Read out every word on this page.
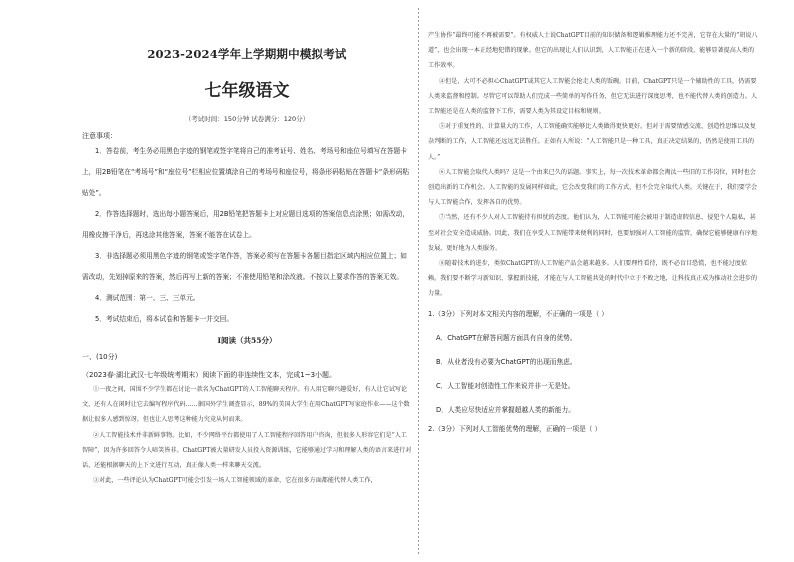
2023-2024学年上学期期中模拟考试

七年级语文

（考试时间：150分钟 试卷满分：120分）

注意事项：

1．答卷前，考生务必用黑色字迹的钢笔或签字笔将自己的准考证号、姓名、考场号和座位号填写在答题卡上，用2B铅笔在“考场号”和“座位号”栏相应位置填涂自己的考场号和座位号，将条形码粘贴在答题卡“条形码粘贴处”。

2．作答选择题时，选出每小题答案后，用2B铅笔把答题卡上对应题目选项的答案信息点涂黑；如需改动，用橡皮擦干净后，再选涂其他答案，答案不能答在试卷上。

3．非选择题必须用黑色字迹的钢笔或签字笔作答，答案必须写在答题卡各题目指定区域内相应位置上；如需改动，先划掉原来的答案，然后再写上新的答案；不准使用铅笔和涂改液。不按以上要求作答的答案无效。

4．测试范围：第一、三、三单元。

5．考试结束后，将本试卷和答题卡一并交回。

Ⅰ阅读（共55分）

一、(10分)

（2023春·湖北武汉·七年级统考期末）阅读下面的非连续性文本，完成1~3小题。

①一夜之间，国围不少学生都在讨论一款名为ChatGPT的人工智能聊天程序。有人用它聊兴趣爱好，有人让它试写论文，还有人在闲时让它去编写程序代码……据国外学生调查显示，89%的美国大学生在用ChatGPT写家庭作业——这个数据让很多人感到惊讶，但也让人思考这种能力究竟从何而来。

②人工智能技术并非新鲜事物。比如，不少网络平台都使用了人工智能程序回答用户咨询，但很多人形容它们是“人工智障”，因为许多回答令人啼笑皆非。ChatGPT被大量研发人员投入资源训练，它能够通过学习和理解人类的语言来进行对话，还能根据聊天的上下文进行互动，真正像人类一样来聊天交流。

③对此，一些评论认为ChatGPT可能会引发一场人工智能领域的革命，它在很多方面都能代替人类工作，

产生协作“最终可能不再被需要”。有权威人士说ChatGPT目前的知识储备和逻辑推理能力还不完善，它存在大量的“胡说八道”，也会出现一本正经地犯错的现象。但它的出现让人们认识到，人工智能正在进入一个新的阶段，能够显著提高人类的工作效率。

④但是，大可不必担心ChatGPT或其它人工智能会抢走人类的饭碗。目前，ChatGPT只是一个辅助性的工具，仍需要人类来监督和控制。尽管它可以帮助人们完成一些简单的写作任务，但它无法进行深度思考，也不能代替人类的创造力。人工智能还是在人类的监督下工作，需要人类为其设定目标和规则。

⑤对于重复性的、计算量大的工作，人工智能确实能够比人类做得更快更好。但对于需要情感交流、创造性思维以及复杂判断的工作，人工智能还远远无法胜任。正如有人所说：“人工智能只是一种工具，真正决定结果的，仍然是使用工具的人。”

⑥人工智能会取代人类吗？这是一个由来已久的话题。事实上，每一次技术革命都会淘汰一些旧的工作岗位，同时也会创造出新的工作机会。人工智能的发展同样如此，它会改变我们的工作方式，但不会完全取代人类。关键在于，我们要学会与人工智能合作，发挥各自的优势。

⑦当然，还有不少人对人工智能持有担忧的态度。他们认为，人工智能可能会被用于制造虚假信息、侵犯个人隐私，甚至对社会安全造成威胁。因此，我们在享受人工智能带来便利的同时，也要加强对人工智能的监管，确保它能够健康有序地发展，更好地为人类服务。

⑧随着技术的进步，类似ChatGPT的人工智能产品会越来越多。人们要理性看待，既不必盲目恐慌，也不能过度依赖。我们要不断学习新知识、掌握新技能，才能在与人工智能共处的时代中立于不败之地，让科技真正成为推动社会进步的力量。

1.（3分）下列对本文相关内容的理解，不正确的一项是（ ）

A．ChatGPT在解答问题方面具有自身的优势。

B．从业者没有必要为ChatGPT的出现而焦虑。

C．人工智能对创造性工作来说并非一无是处。

D．人类应尽快适应并掌握超越人类的新能力。

2.（3分）下列对人工智能优势的理解，正确的一项是（ ）
